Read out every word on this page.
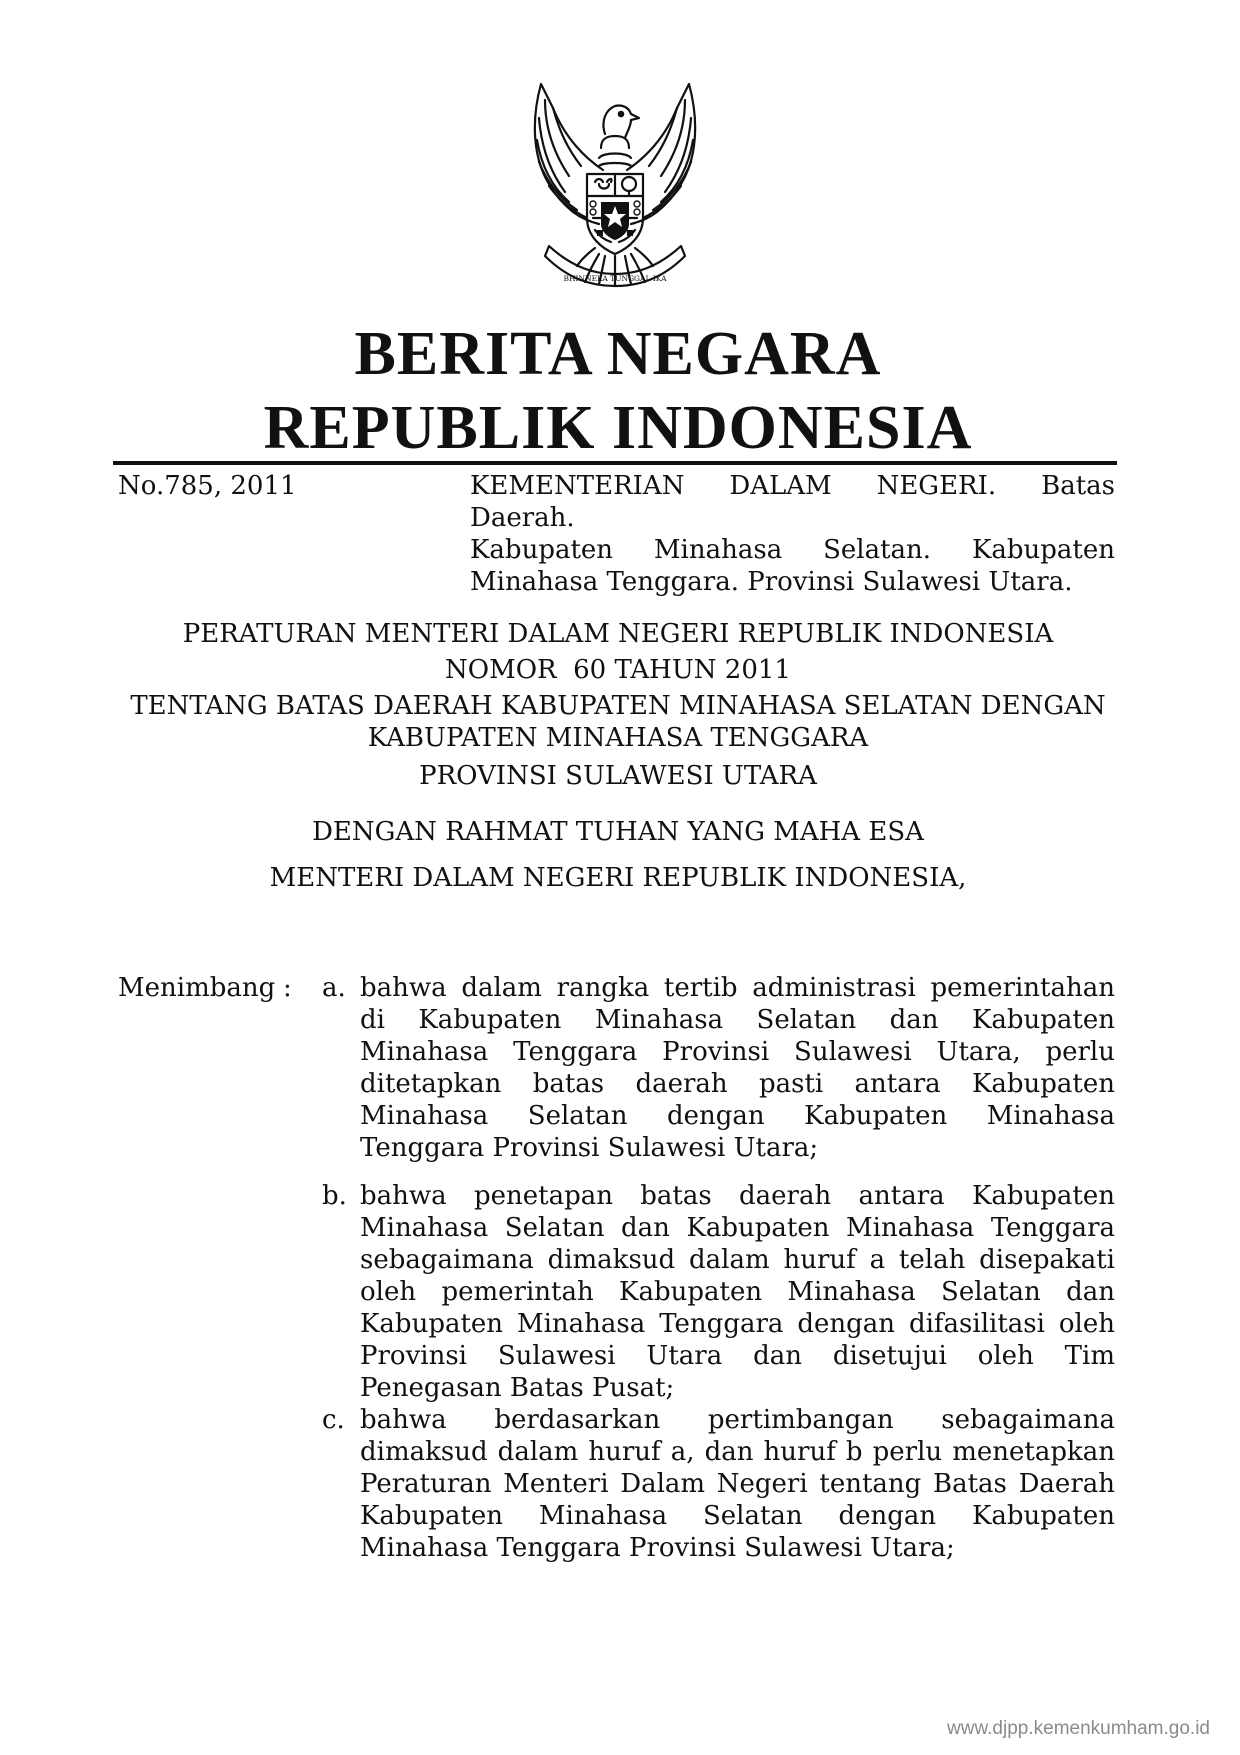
BHINNEKA TUNGGAL IKA
BERITA NEGARA
REPUBLIK INDONESIA
No.785, 2011	KEMENTERIAN DALAM NEGERI. Batas Daerah.
Kabupaten Minahasa Selatan. Kabupaten
Minahasa Tenggara. Provinsi Sulawesi Utara.
PERATURAN MENTERI DALAM NEGERI REPUBLIK INDONESIA
NOMOR  60 TAHUN 2011
TENTANG BATAS DAERAH KABUPATEN MINAHASA SELATAN DENGAN
KABUPATEN MINAHASA TENGGARA
PROVINSI SULAWESI UTARA
DENGAN RAHMAT TUHAN YANG MAHA ESA
MENTERI DALAM NEGERI REPUBLIK INDONESIA,
Menimbang : a. bahwa dalam rangka tertib administrasi pemerintahan
di Kabupaten Minahasa Selatan dan Kabupaten
Minahasa Tenggara Provinsi Sulawesi Utara, perlu
ditetapkan batas daerah pasti antara Kabupaten
Minahasa Selatan dengan Kabupaten Minahasa
Tenggara Provinsi Sulawesi Utara;
b. bahwa penetapan batas daerah antara Kabupaten
Minahasa Selatan dan Kabupaten Minahasa Tenggara
sebagaimana dimaksud dalam huruf a telah disepakati
oleh pemerintah Kabupaten Minahasa Selatan dan
Kabupaten Minahasa Tenggara dengan difasilitasi oleh
Provinsi Sulawesi Utara dan disetujui oleh Tim
Penegasan Batas Pusat;
c. bahwa berdasarkan pertimbangan sebagaimana
dimaksud dalam huruf a, dan huruf b perlu menetapkan
Peraturan Menteri Dalam Negeri tentang Batas Daerah
Kabupaten Minahasa Selatan dengan Kabupaten
Minahasa Tenggara Provinsi Sulawesi Utara;
www.djpp.kemenkumham.go.id
